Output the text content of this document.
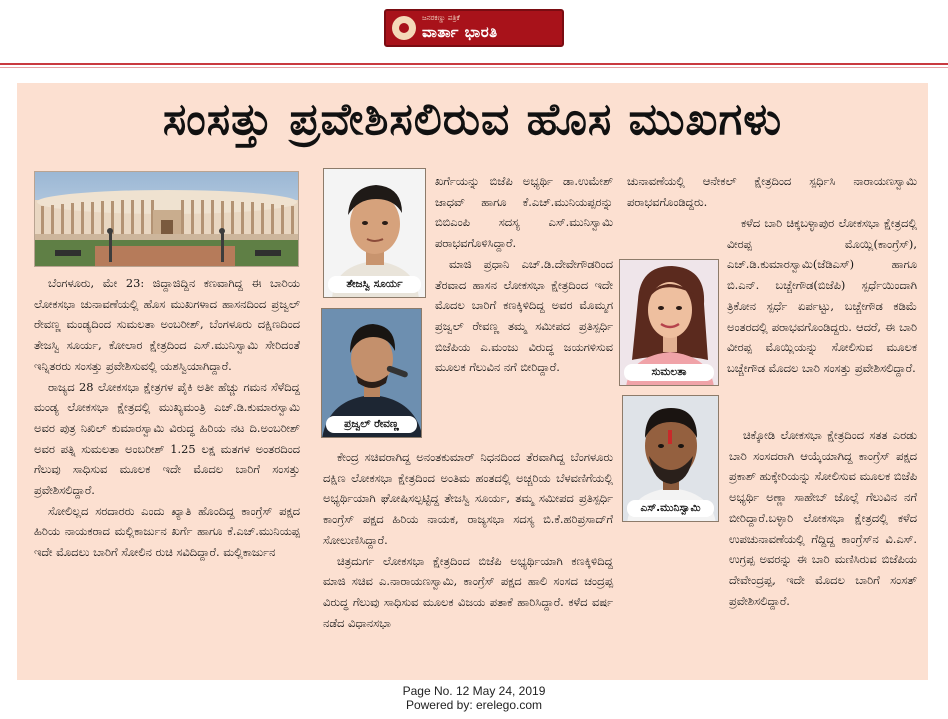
ಜನರಕಣ್ಣು ಪತ್ರಿಕೆ
ವಾರ್ತಾ ಭಾರತಿ
ಸಂಸತ್ತು ಪ್ರವೇಶಿಸಲಿರುವ ಹೊಸ ಮುಖಗಳು

ಬೆಂಗಳೂರು, ಮೇ 23: ಜಿದ್ದಾಜಿದ್ದಿನ ಕಣವಾಗಿದ್ದ ಈ ಬಾರಿಯ ಲೋಕಸಭಾ ಚುನಾವಣೆಯಲ್ಲಿ ಹೊಸ ಮುಖಗಳಾದ ಹಾಸನದಿಂದ ಪ್ರಜ್ವಲ್ ರೇವಣ್ಣ ಮಂಡ್ಯದಿಂದ ಸುಮಲತಾ ಅಂಬರೀಶ್, ಬೆಂಗಳೂರು ದಕ್ಷಿಣದಿಂದ ತೇಜಸ್ವಿ ಸೂರ್ಯ, ಕೋಲಾರ ಕ್ಷೇತ್ರದಿಂದ ಎಸ್.ಮುನಿಸ್ವಾಮಿ ಸೇರಿದಂತೆ ಇನ್ನಿತರರು ಸಂಸತ್ತು ಪ್ರವೇಶಿಸುವಲ್ಲಿ ಯಶಸ್ವಿಯಾಗಿದ್ದಾರೆ.

ರಾಜ್ಯದ 28 ಲೋಕಸಭಾ ಕ್ಷೇತ್ರಗಳ ಪೈಕಿ ಅತೀ ಹೆಚ್ಚು ಗಮನ ಸೆಳೆದಿದ್ದ ಮಂಡ್ಯ ಲೋಕಸಭಾ ಕ್ಷೇತ್ರದಲ್ಲಿ ಮುಖ್ಯಮಂತ್ರಿ ಎಚ್.ಡಿ.ಕುಮಾರಸ್ವಾಮಿ ಅವರ ಪುತ್ರ ನಿಖಿಲ್ ಕುಮಾರಸ್ವಾಮಿ ವಿರುದ್ಧ ಹಿರಿಯ ನಟ ದಿ.ಅಂಬರೀಶ್ ಅವರ ಪತ್ನಿ ಸುಮಲತಾ ಅಂಬರೀಶ್ 1.25 ಲಕ್ಷ ಮತಗಳ ಅಂತರದಿಂದ ಗೆಲುವು ಸಾಧಿಸುವ ಮೂಲಕ ಇದೇ ಮೊದಲ ಬಾರಿಗೆ ಸಂಸತ್ತು ಪ್ರವೇಶಿಸಲಿದ್ದಾರೆ.

ಸೋಲಿಲ್ಲದ ಸರದಾರರು ಎಂದು ಖ್ಯಾತಿ ಹೊಂದಿದ್ದ ಕಾಂಗ್ರೆಸ್ ಪಕ್ಷದ ಹಿರಿಯ ನಾಯಕರಾದ ಮಲ್ಲಿಕಾರ್ಜುನ ಖರ್ಗೆ ಹಾಗೂ ಕೆ.ಎಚ್.ಮುನಿಯಪ್ಪ ಇದೇ ಮೊದಲು ಬಾರಿಗೆ ಸೋಲಿನ ರುಚಿ ಸವಿದಿದ್ದಾರೆ. ಮಲ್ಲಿಕಾರ್ಜುನ

ತೇಜಸ್ವಿ ಸೂರ್ಯ
ಪ್ರಜ್ವಲ್ ರೇವಣ್ಣ

ಖರ್ಗೆಯನ್ನು ಬಿಜೆಪಿ ಅಭ್ಯರ್ಥಿ ಡಾ.ಉಮೇಶ್ ಜಾಧವ್ ಹಾಗೂ ಕೆ.ಎಚ್.ಮುನಿಯಪ್ಪರನ್ನು ಬಿಬಿಎಂಪಿ ಸದಸ್ಯ ಎಸ್.ಮುನಿಸ್ವಾಮಿ ಪರಾಭವಗೊಳಿಸಿದ್ದಾರೆ.

ಮಾಜಿ ಪ್ರಧಾನಿ ಎಚ್.ಡಿ.ದೇವೇಗೌಡರಿಂದ ತೆರವಾದ ಹಾಸನ ಲೋಕಸಭಾ ಕ್ಷೇತ್ರದಿಂದ ಇದೇ ಮೊದಲ ಬಾರಿಗೆ ಕಣಕ್ಕಿಳಿದಿದ್ದ ಅವರ ಮೊಮ್ಮಗ ಪ್ರಜ್ವಲ್ ರೇವಣ್ಣ ತಮ್ಮ ಸಮೀಪದ ಪ್ರತಿಸ್ಪರ್ಧಿ ಬಿಜೆಪಿಯ ಎ.ಮಂಜು ವಿರುದ್ಧ ಜಯಗಳಿಸುವ ಮೂಲಕ ಗೆಲುವಿನ ನಗೆ ಬೀರಿದ್ದಾರೆ.

ಕೇಂದ್ರ ಸಚಿವರಾಗಿದ್ದ ಅನಂತಕುಮಾರ್ ನಿಧನದಿಂದ ತೆರವಾಗಿದ್ದ ಬೆಂಗಳೂರು ದಕ್ಷಿಣ ಲೋಕಸಭಾ ಕ್ಷೇತ್ರದಿಂದ ಅಂತಿಮ ಹಂತದಲ್ಲಿ ಅಚ್ಚರಿಯ ಬೆಳವಣಿಗೆಯಲ್ಲಿ ಅಭ್ಯರ್ಥಿಯಾಗಿ ಘೋಷಿಸಲ್ಪಟ್ಟಿದ್ದ ತೇಜಸ್ವಿ ಸೂರ್ಯ, ತಮ್ಮ ಸಮೀಪದ ಪ್ರತಿಸ್ಪರ್ಧಿ ಕಾಂಗ್ರೆಸ್ ಪಕ್ಷದ ಹಿರಿಯ ನಾಯಕ, ರಾಜ್ಯಸಭಾ ಸದಸ್ಯ ಬಿ.ಕೆ.ಹರಿಪ್ರಸಾದ್‌ಗೆ ಸೋಲುಣಿಸಿದ್ದಾರೆ.

ಚಿತ್ರದುರ್ಗ ಲೋಕಸಭಾ ಕ್ಷೇತ್ರದಿಂದ ಬಿಜೆಪಿ ಅಭ್ಯರ್ಥಿಯಾಗಿ ಕಣಕ್ಕಿಳಿದಿದ್ದ ಮಾಜಿ ಸಚಿವ ಎ.ನಾರಾಯಣಸ್ವಾಮಿ, ಕಾಂಗ್ರೆಸ್ ಪಕ್ಷದ ಹಾಲಿ ಸಂಸದ ಚಂದ್ರಪ್ಪ ವಿರುದ್ಧ ಗೆಲುವು ಸಾಧಿಸುವ ಮೂಲಕ ವಿಜಯ ಪತಾಕೆ ಹಾರಿಸಿದ್ದಾರೆ. ಕಳೆದ ವರ್ಷ ನಡೆದ ವಿಧಾನಸಭಾ

ಚುನಾವಣೆಯಲ್ಲಿ ಆನೇಕಲ್ ಕ್ಷೇತ್ರದಿಂದ ಸ್ಪರ್ಧಿಸಿ ನಾರಾಯಣಸ್ವಾಮಿ ಪರಾಭವಗೊಂಡಿದ್ದರು.

ಸುಮಲತಾ

ಕಳೆದ ಬಾರಿ ಚಿಕ್ಕಬಳ್ಳಾಪುರ ಲೋಕಸಭಾ ಕ್ಷೇತ್ರದಲ್ಲಿ ವೀರಪ್ಪ ಮೊಯ್ಲಿ(ಕಾಂಗ್ರೆಸ್), ಎಚ್.ಡಿ.ಕುಮಾರಸ್ವಾಮಿ(ಜೆಡಿಎಸ್) ಹಾಗೂ ಬಿ.ಎನ್. ಬಚ್ಚೇಗೌಡ(ಬಿಜೆಪಿ) ಸ್ಪರ್ಧೆಯಿಂದಾಗಿ ತ್ರಿಕೋನ ಸ್ಪರ್ಧೆ ಏರ್ಪಟ್ಟು, ಬಚ್ಚೇಗೌಡ ಕಡಿಮೆ ಅಂತರದಲ್ಲಿ ಪರಾಭವಗೊಂಡಿದ್ದರು. ಆದರೆ, ಈ ಬಾರಿ ವೀರಪ್ಪ ಮೊಯ್ಲಿಯನ್ನು ಸೋಲಿಸುವ ಮೂಲಕ ಬಚ್ಚೇಗೌಡ ಮೊದಲ ಬಾರಿ ಸಂಸತ್ತು ಪ್ರವೇಶಿಸಲಿದ್ದಾರೆ.

ಎಸ್.ಮುನಿಸ್ವಾಮಿ

ಚಿಕ್ಕೋಡಿ ಲೋಕಸಭಾ ಕ್ಷೇತ್ರದಿಂದ ಸತತ ಎರಡು ಬಾರಿ ಸಂಸದರಾಗಿ ಆಯ್ಕೆಯಾಗಿದ್ದ ಕಾಂಗ್ರೆಸ್ ಪಕ್ಷದ ಪ್ರಕಾಶ್ ಹುಕ್ಕೇರಿಯನ್ನು ಸೋಲಿಸುವ ಮೂಲಕ ಬಿಜೆಪಿ ಅಭ್ಯರ್ಥಿ ಅಣ್ಣಾ ಸಾಹೇಬ್ ಜೊಲ್ಲೆ ಗೆಲುವಿನ ನಗೆ ಬೀರಿದ್ದಾರೆ.ಬಳ್ಳಾರಿ ಲೋಕಸಭಾ ಕ್ಷೇತ್ರದಲ್ಲಿ ಕಳೆದ ಉಪಚುನಾವಣೆಯಲ್ಲಿ ಗೆದ್ದಿದ್ದ ಕಾಂಗ್ರೆಸ್‌ನ ವಿ.ಎಸ್. ಉಗ್ರಪ್ಪ ಅವರನ್ನು ಈ ಬಾರಿ ಮಣಿಸಿರುವ ಬಿಜೆಪಿಯ ದೇವೇಂದ್ರಪ್ಪ, ಇದೇ ಮೊದಲ ಬಾರಿಗೆ ಸಂಸತ್ ಪ್ರವೇಶಿಸಲಿದ್ದಾರೆ.

Page No. 12 May 24, 2019
Powered by: erelego.com
